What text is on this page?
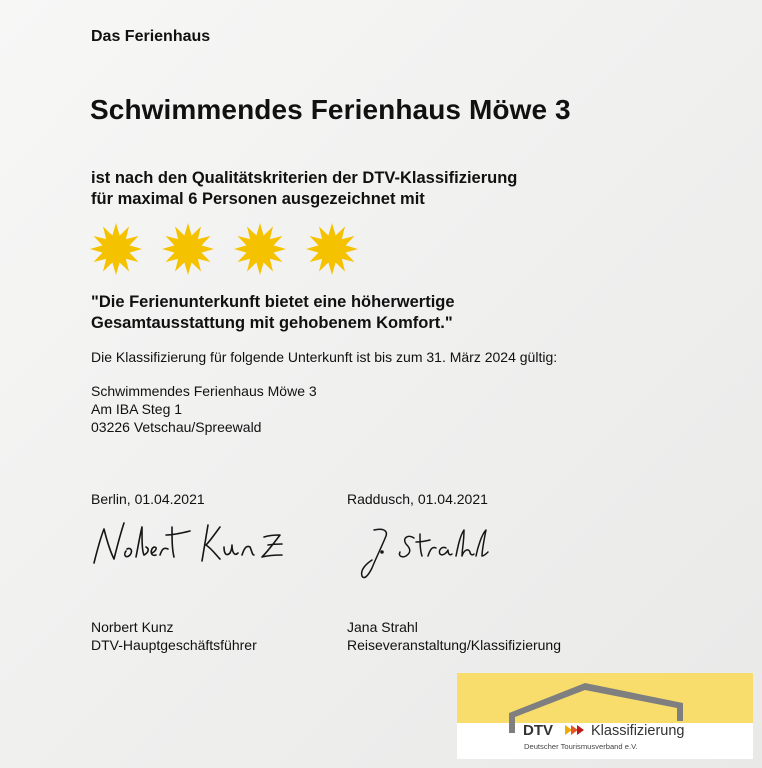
Das Ferienhaus
Schwimmendes Ferienhaus Möwe 3
ist nach den Qualitätskriterien der DTV-Klassifizierung
für maximal 6 Personen ausgezeichnet mit
"Die Ferienunterkunft bietet eine höherwertige
Gesamtausstattung mit gehobenem Komfort."
Die Klassifizierung für folgende Unterkunft ist bis zum 31. März 2024 gültig:
Schwimmendes Ferienhaus Möwe 3
Am IBA Steg 1
03226 Vetschau/Spreewald
Berlin, 01.04.2021	Raddusch, 01.04.2021
Norbert Kunz
DTV-Hauptgeschäftsführer
Jana Strahl
Reiseveranstaltung/Klassifizierung
DTV	Klassifizierung
Deutscher Tourismusverband e.V.
